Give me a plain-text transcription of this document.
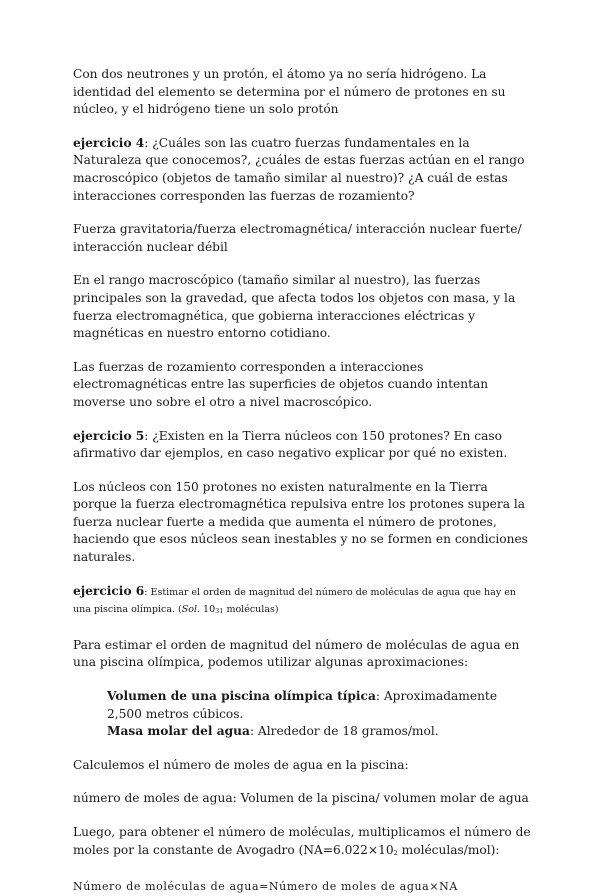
Con dos neutrones y un protón, el átomo ya no sería hidrógeno. La identidad del elemento se determina por el número de protones en su núcleo, y el hidrógeno tiene un solo protón

ejercicio 4: ¿Cuáles son las cuatro fuerzas fundamentales en la Naturaleza que conocemos?, ¿cuáles de estas fuerzas actúan en el rango macroscópico (objetos de tamaño similar al nuestro)? ¿A cuál de estas interacciones corresponden las fuerzas de rozamiento?

Fuerza gravitatoria/fuerza electromagnética/ interacción nuclear fuerte/ interacción nuclear débil

En el rango macroscópico (tamaño similar al nuestro), las fuerzas principales son la gravedad, que afecta todos los objetos con masa, y la fuerza electromagnética, que gobierna interacciones eléctricas y magnéticas en nuestro entorno cotidiano.

Las fuerzas de rozamiento corresponden a interacciones electromagnéticas entre las superficies de objetos cuando intentan moverse uno sobre el otro a nivel macroscópico.

ejercicio 5: ¿Existen en la Tierra núcleos con 150 protones? En caso afirmativo dar ejemplos, en caso negativo explicar por qué no existen.

Los núcleos con 150 protones no existen naturalmente en la Tierra porque la fuerza electromagnética repulsiva entre los protones supera la fuerza nuclear fuerte a medida que aumenta el número de protones, haciendo que esos núcleos sean inestables y no se formen en condiciones naturales.

ejercicio 6: Estimar el orden de magnitud del número de moléculas de agua que hay en una piscina olímpica. (Sol. 1031 moléculas)

Para estimar el orden de magnitud del número de moléculas de agua en una piscina olímpica, podemos utilizar algunas aproximaciones:

Volumen de una piscina olímpica típica: Aproximadamente 2,500 metros cúbicos.

Masa molar del agua: Alrededor de 18 gramos/mol.

Calculemos el número de moles de agua en la piscina:

número de moles de agua: Volumen de la piscina/ volumen molar de agua

Luego, para obtener el número de moléculas, multiplicamos el número de moles por la constante de Avogadro (NA=6.022×102 moléculas/mol):

Número de moléculas de agua=Número de moles de agua×NA
